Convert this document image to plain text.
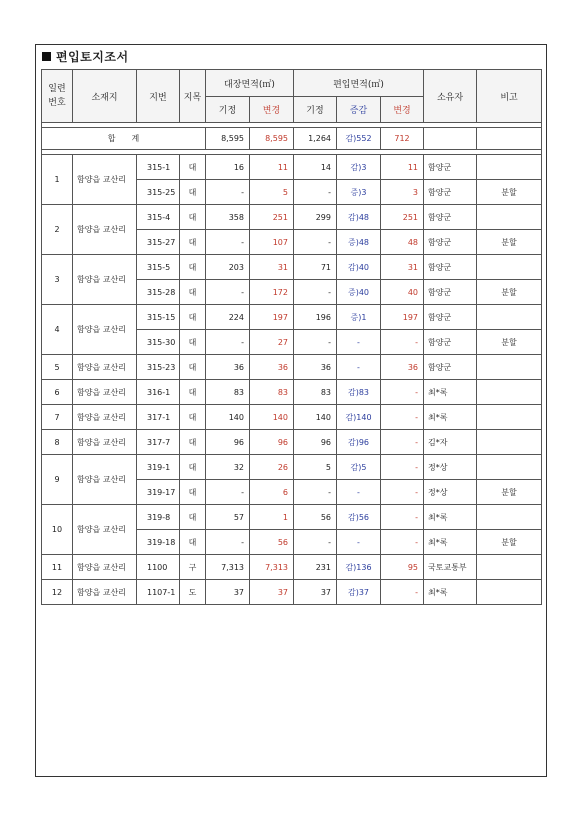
편입토지조서
일련
번호	소재지	지번	지목	대장면적(㎡)		편입면적(㎡)			소유자	비고
				기정	변경	기정	증감	변경		

합　　계				8,595	8,595	1,264	감)552	712		

1	함양읍 교산리	315-1	대	16	11	14	감)3	11	함양군	
		315-25	대	-	5	-	증)3	3	함양군	분할
2	함양읍 교산리	315-4	대	358	251	299	감)48	251	함양군	
		315-27	대	-	107	-	증)48	48	함양군	분할
3	함양읍 교산리	315-5	대	203	31	71	감)40	31	함양군	
		315-28	대	-	172	-	증)40	40	함양군	분할
4	함양읍 교산리	315-15	대	224	197	196	증)1	197	함양군	
		315-30	대	-	27	-	-	-	함양군	분할
5	함양읍 교산리	315-23	대	36	36	36	-	36	함양군	
6	함양읍 교산리	316-1	대	83	83	83	감)83	-	최*록	
7	함양읍 교산리	317-1	대	140	140	140	감)140	-	최*록	
8	함양읍 교산리	317-7	대	96	96	96	감)96	-	김*자	
9	함양읍 교산리	319-1	대	32	26	5	감)5	-	정*상	
		319-17	대	-	6	-	-	-	정*상	분할
10	함양읍 교산리	319-8	대	57	1	56	감)56	-	최*록	
		319-18	대	-	56	-	-	-	최*록	분할
11	함양읍 교산리	1100	구	7,313	7,313	231	감)136	95	국토교통부	
12	함양읍 교산리	1107-1	도	37	37	37	감)37	-	최*록	
